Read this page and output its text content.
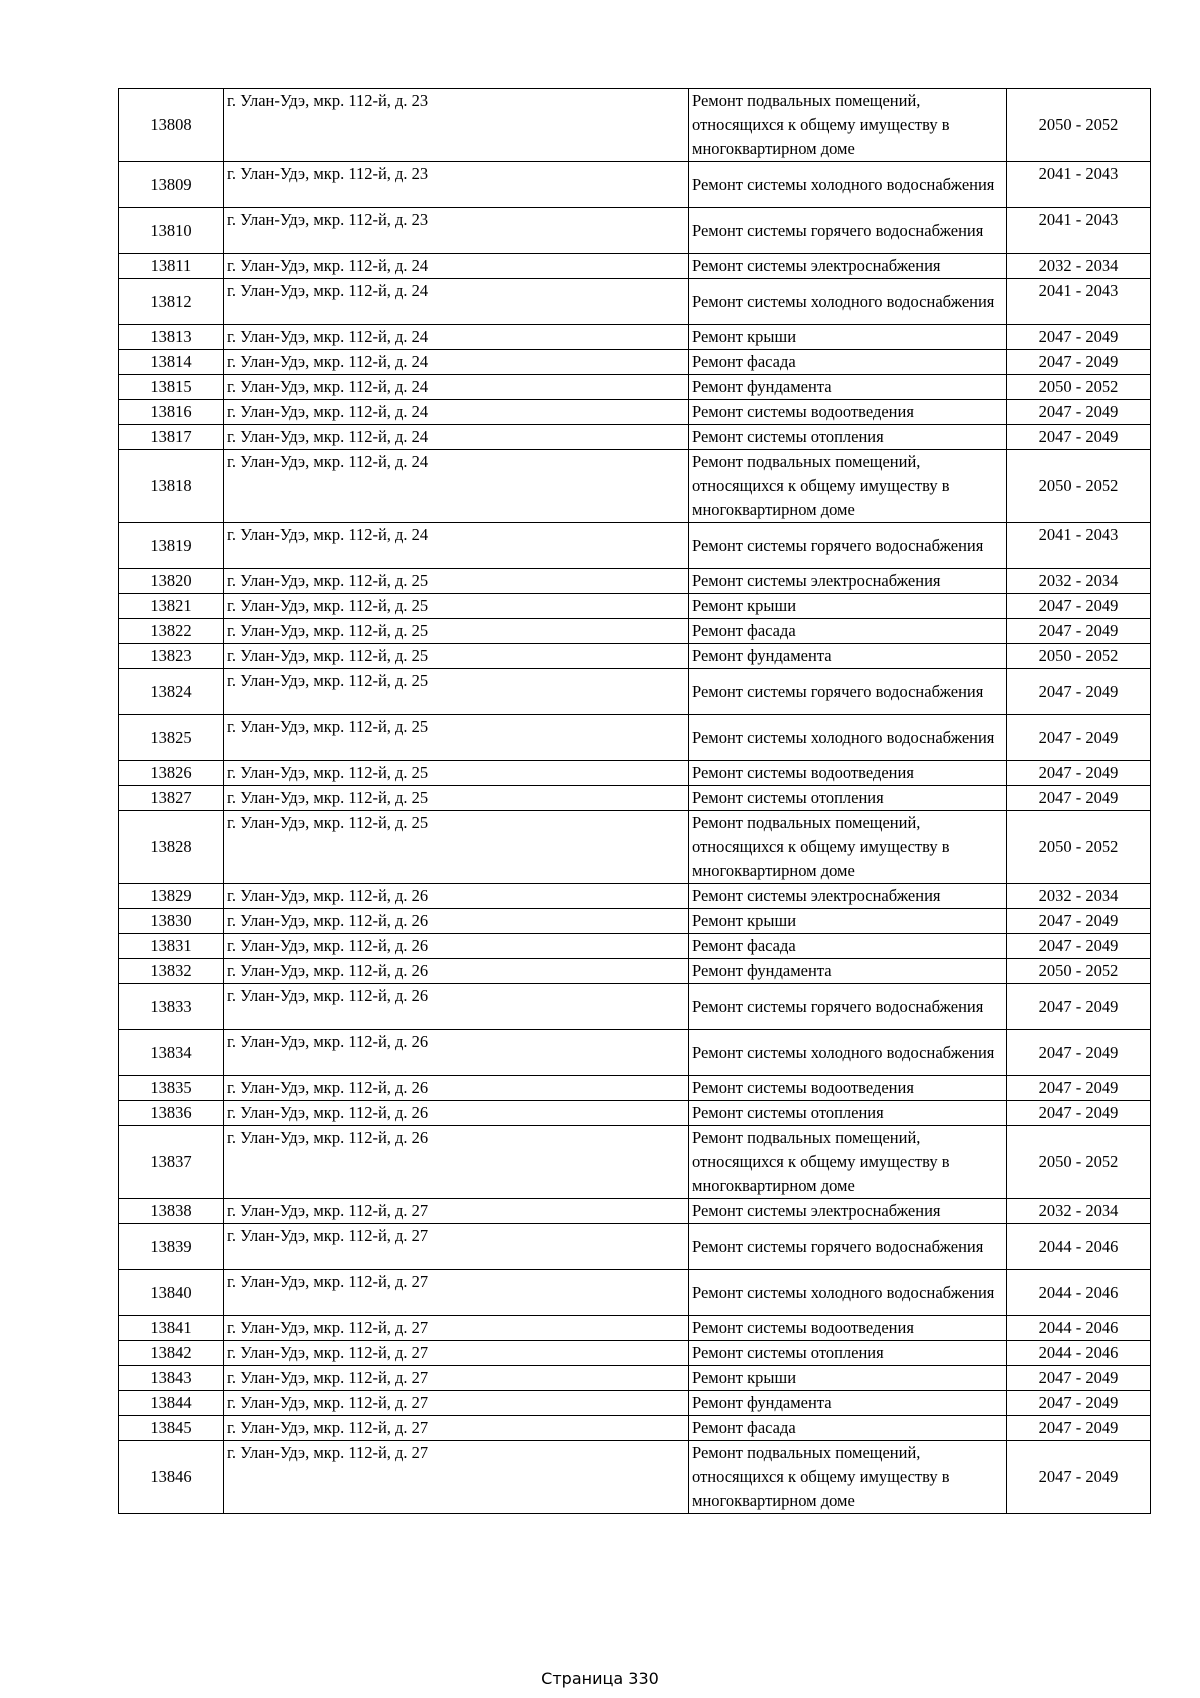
13808	г. Улан-Удэ, мкр. 112-й, д. 23	Ремонт подвальных помещений, относящихся к общему имуществу в многоквартирном доме	2050 - 2052
13809	г. Улан-Удэ, мкр. 112-й, д. 23	Ремонт системы холодного водоснабжения	2041 - 2043
13810	г. Улан-Удэ, мкр. 112-й, д. 23	Ремонт системы горячего водоснабжения	2041 - 2043
13811	г. Улан-Удэ, мкр. 112-й, д. 24	Ремонт системы электроснабжения	2032 - 2034
13812	г. Улан-Удэ, мкр. 112-й, д. 24	Ремонт системы холодного водоснабжения	2041 - 2043
13813	г. Улан-Удэ, мкр. 112-й, д. 24	Ремонт крыши	2047 - 2049
13814	г. Улан-Удэ, мкр. 112-й, д. 24	Ремонт фасада	2047 - 2049
13815	г. Улан-Удэ, мкр. 112-й, д. 24	Ремонт фундамента	2050 - 2052
13816	г. Улан-Удэ, мкр. 112-й, д. 24	Ремонт системы водоотведения	2047 - 2049
13817	г. Улан-Удэ, мкр. 112-й, д. 24	Ремонт системы отопления	2047 - 2049
13818	г. Улан-Удэ, мкр. 112-й, д. 24	Ремонт подвальных помещений, относящихся к общему имуществу в многоквартирном доме	2050 - 2052
13819	г. Улан-Удэ, мкр. 112-й, д. 24	Ремонт системы горячего водоснабжения	2041 - 2043
13820	г. Улан-Удэ, мкр. 112-й, д. 25	Ремонт системы электроснабжения	2032 - 2034
13821	г. Улан-Удэ, мкр. 112-й, д. 25	Ремонт крыши	2047 - 2049
13822	г. Улан-Удэ, мкр. 112-й, д. 25	Ремонт фасада	2047 - 2049
13823	г. Улан-Удэ, мкр. 112-й, д. 25	Ремонт фундамента	2050 - 2052
13824	г. Улан-Удэ, мкр. 112-й, д. 25	Ремонт системы горячего водоснабжения	2047 - 2049
13825	г. Улан-Удэ, мкр. 112-й, д. 25	Ремонт системы холодного водоснабжения	2047 - 2049
13826	г. Улан-Удэ, мкр. 112-й, д. 25	Ремонт системы водоотведения	2047 - 2049
13827	г. Улан-Удэ, мкр. 112-й, д. 25	Ремонт системы отопления	2047 - 2049
13828	г. Улан-Удэ, мкр. 112-й, д. 25	Ремонт подвальных помещений, относящихся к общему имуществу в многоквартирном доме	2050 - 2052
13829	г. Улан-Удэ, мкр. 112-й, д. 26	Ремонт системы электроснабжения	2032 - 2034
13830	г. Улан-Удэ, мкр. 112-й, д. 26	Ремонт крыши	2047 - 2049
13831	г. Улан-Удэ, мкр. 112-й, д. 26	Ремонт фасада	2047 - 2049
13832	г. Улан-Удэ, мкр. 112-й, д. 26	Ремонт фундамента	2050 - 2052
13833	г. Улан-Удэ, мкр. 112-й, д. 26	Ремонт системы горячего водоснабжения	2047 - 2049
13834	г. Улан-Удэ, мкр. 112-й, д. 26	Ремонт системы холодного водоснабжения	2047 - 2049
13835	г. Улан-Удэ, мкр. 112-й, д. 26	Ремонт системы водоотведения	2047 - 2049
13836	г. Улан-Удэ, мкр. 112-й, д. 26	Ремонт системы отопления	2047 - 2049
13837	г. Улан-Удэ, мкр. 112-й, д. 26	Ремонт подвальных помещений, относящихся к общему имуществу в многоквартирном доме	2050 - 2052
13838	г. Улан-Удэ, мкр. 112-й, д. 27	Ремонт системы электроснабжения	2032 - 2034
13839	г. Улан-Удэ, мкр. 112-й, д. 27	Ремонт системы горячего водоснабжения	2044 - 2046
13840	г. Улан-Удэ, мкр. 112-й, д. 27	Ремонт системы холодного водоснабжения	2044 - 2046
13841	г. Улан-Удэ, мкр. 112-й, д. 27	Ремонт системы водоотведения	2044 - 2046
13842	г. Улан-Удэ, мкр. 112-й, д. 27	Ремонт системы отопления	2044 - 2046
13843	г. Улан-Удэ, мкр. 112-й, д. 27	Ремонт крыши	2047 - 2049
13844	г. Улан-Удэ, мкр. 112-й, д. 27	Ремонт фундамента	2047 - 2049
13845	г. Улан-Удэ, мкр. 112-й, д. 27	Ремонт фасада	2047 - 2049
13846	г. Улан-Удэ, мкр. 112-й, д. 27	Ремонт подвальных помещений, относящихся к общему имуществу в многоквартирном доме	2047 - 2049
Страница 330
